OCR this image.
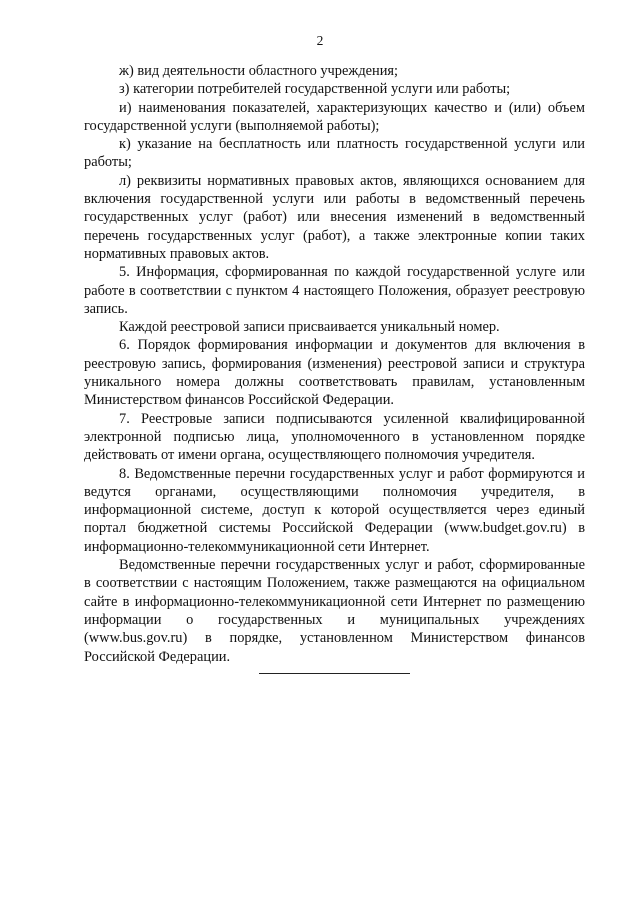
2

ж) вид деятельности областного учреждения;

з) категории потребителей государственной услуги или работы;

и) наименования показателей, характеризующих качество и (или) объем государственной услуги (выполняемой работы);

к) указание на бесплатность или платность государственной услуги или работы;

л) реквизиты нормативных правовых актов, являющихся основанием для включения государственной услуги или работы в ведомственный перечень государственных услуг (работ) или внесения изменений в ведомственный перечень государственных услуг (работ), а также электронные копии таких нормативных правовых актов.

5. Информация, сформированная по каждой государственной услуге или работе в соответствии с пунктом 4 настоящего Положения, образует реестровую запись.

Каждой реестровой записи присваивается уникальный номер.

6. Порядок формирования информации и документов для включения в реестровую запись, формирования (изменения) реестровой записи и структура уникального номера должны соответствовать правилам, установленным Министерством финансов Российской Федерации.

7. Реестровые записи подписываются усиленной квалифицированной электронной подписью лица, уполномоченного в установленном порядке действовать от имени органа, осуществляющего полномочия учредителя.

8. Ведомственные перечни государственных услуг и работ формируются и ведутся органами, осуществляющими полномочия учредителя, в информационной системе, доступ к которой осуществляется через единый портал бюджетной системы Российской Федерации (www.budget.gov.ru) в информационно-телекоммуникационной сети Интернет.

Ведомственные перечни государственных услуг и работ, сформированные в соответствии с настоящим Положением, также размещаются на официальном сайте в информационно-телекоммуникационной сети Интернет по размещению информации о государственных и муниципальных учреждениях (www.bus.gov.ru) в порядке, установленном Министерством финансов Российской Федерации.
